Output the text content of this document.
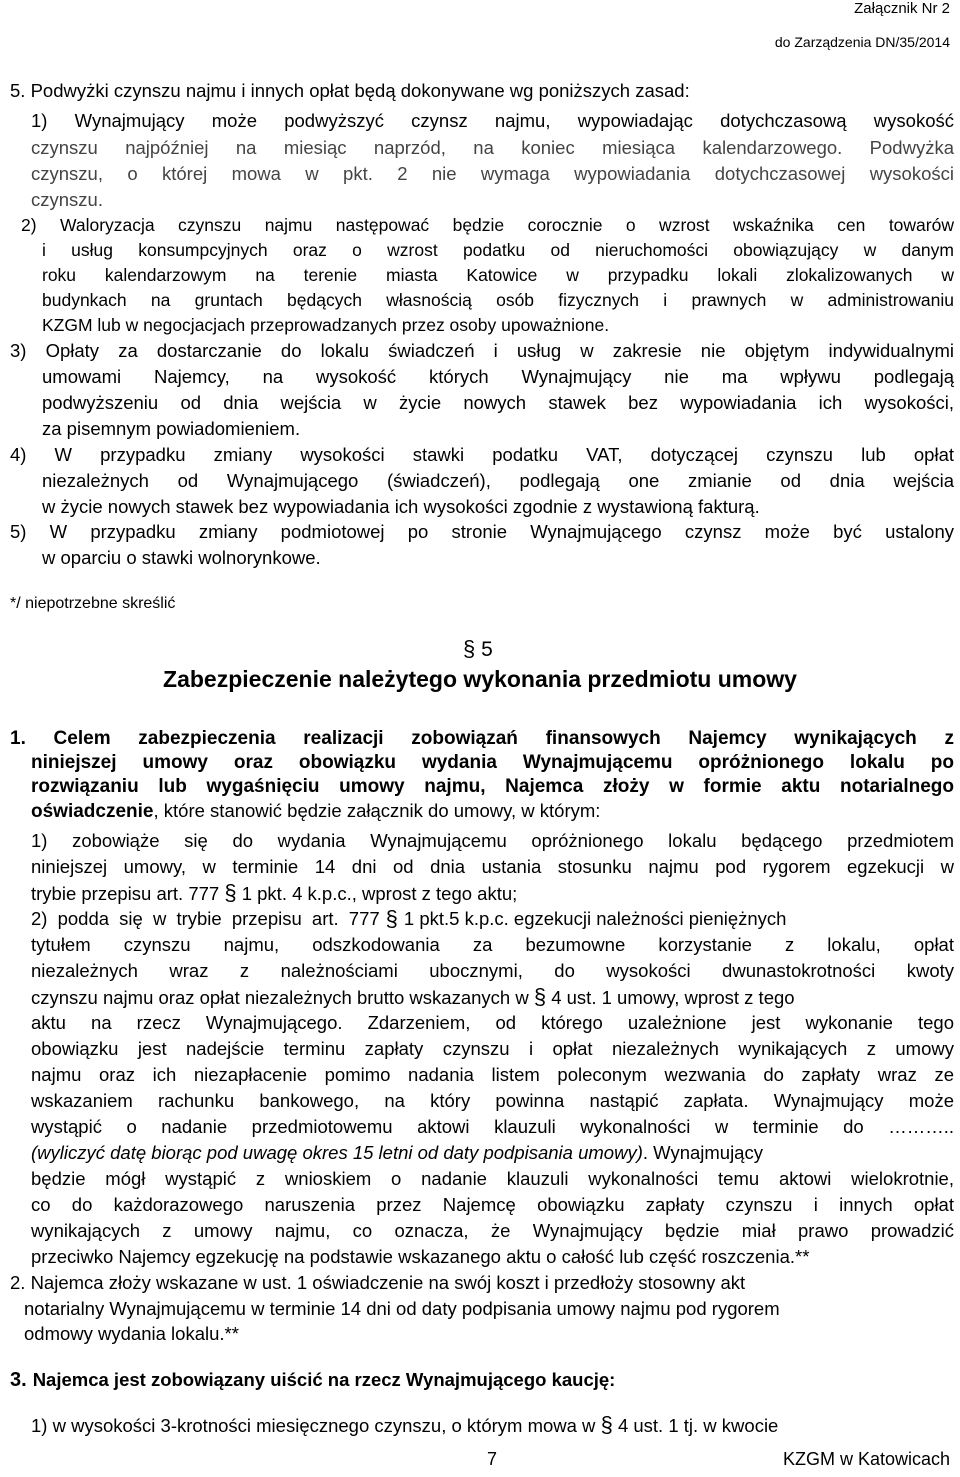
Załącznik Nr 2
do Zarządzenia DN/35/2014
5. Podwyżki czynszu najmu i innych opłat będą dokonywane wg poniższych zasad:
1) Wynajmujący może podwyższyć czynsz najmu, wypowiadając dotychczasową wysokość
czynszu najpóźniej na miesiąc naprzód, na koniec miesiąca kalendarzowego. Podwyżka
czynszu, o której mowa w pkt. 2 nie wymaga wypowiadania dotychczasowej wysokości
czynszu.
2) Waloryzacja czynszu najmu następować będzie corocznie o wzrost wskaźnika cen towarów
i usług konsumpcyjnych oraz o wzrost podatku od nieruchomości obowiązujący w danym
roku kalendarzowym na terenie miasta Katowice w przypadku lokali zlokalizowanych w
budynkach na gruntach będących własnością osób fizycznych i prawnych w administrowaniu
KZGM lub w negocjacjach przeprowadzanych przez osoby upoważnione.
3) Opłaty za dostarczanie do lokalu świadczeń i usług w zakresie nie objętym indywidualnymi
umowami Najemcy, na wysokość których Wynajmujący nie ma wpływu podlegają
podwyższeniu od dnia wejścia w życie nowych stawek bez wypowiadania ich wysokości,
za pisemnym powiadomieniem.
4) W przypadku zmiany wysokości stawki podatku VAT, dotyczącej czynszu lub opłat
niezależnych od Wynajmującego (świadczeń), podlegają one zmianie od dnia wejścia
w życie nowych stawek bez wypowiadania ich wysokości zgodnie z wystawioną fakturą.
5) W przypadku zmiany podmiotowej po stronie Wynajmującego czynsz może być ustalony
w oparciu o stawki wolnorynkowe.
*/ niepotrzebne skreślić
§ 5
Zabezpieczenie należytego wykonania przedmiotu umowy
1. Celem zabezpieczenia realizacji zobowiązań finansowych Najemcy wynikających z
niniejszej umowy oraz obowiązku wydania Wynajmującemu opróżnionego lokalu po
rozwiązaniu lub wygaśnięciu umowy najmu, Najemca złoży w formie aktu notarialnego
oświadczenie, które stanowić będzie załącznik do umowy, w którym:
1) zobowiąże się do wydania Wynajmującemu opróżnionego lokalu będącego przedmiotem
niniejszej umowy, w terminie 14 dni od dnia ustania stosunku najmu pod rygorem egzekucji w
trybie przepisu art. 777 § 1 pkt. 4 k.p.c., wprost z tego aktu;
2) podda się w trybie przepisu art. 777 § 1 pkt.5 k.p.c. egzekucji należności pieniężnych
tytułem czynszu najmu, odszkodowania za bezumowne korzystanie z lokalu, opłat
niezależnych wraz z należnościami ubocznymi, do wysokości dwunastokrotności kwoty
czynszu najmu oraz opłat niezależnych brutto wskazanych w § 4 ust. 1 umowy, wprost z tego
aktu na rzecz Wynajmującego. Zdarzeniem, od którego uzależnione jest wykonanie tego
obowiązku jest nadejście terminu zapłaty czynszu i opłat niezależnych wynikających z umowy
najmu oraz ich niezapłacenie pomimo nadania listem poleconym wezwania do zapłaty wraz ze
wskazaniem rachunku bankowego, na który powinna nastąpić zapłata. Wynajmujący może
wystąpić o nadanie przedmiotowemu aktowi klauzuli wykonalności w terminie do ………..
(wyliczyć datę biorąc pod uwagę okres 15 letni od daty podpisania umowy). Wynajmujący
będzie mógł wystąpić z wnioskiem o nadanie klauzuli wykonalności temu aktowi wielokrotnie,
co do każdorazowego naruszenia przez Najemcę obowiązku zapłaty czynszu i innych opłat
wynikających z umowy najmu, co oznacza, że Wynajmujący będzie miał prawo prowadzić
przeciwko Najemcy egzekucję na podstawie wskazanego aktu o całość lub część roszczenia.**
2. Najemca złoży wskazane w ust. 1 oświadczenie na swój koszt i przedłoży stosowny akt
notarialny Wynajmującemu w terminie 14 dni od daty podpisania umowy najmu pod rygorem
odmowy wydania lokalu.**
3. Najemca jest zobowiązany uiścić na rzecz Wynajmującego kaucję:
1) w wysokości 3-krotności miesięcznego czynszu, o którym mowa w § 4 ust. 1 tj. w kwocie
7	KZGM w Katowicach
